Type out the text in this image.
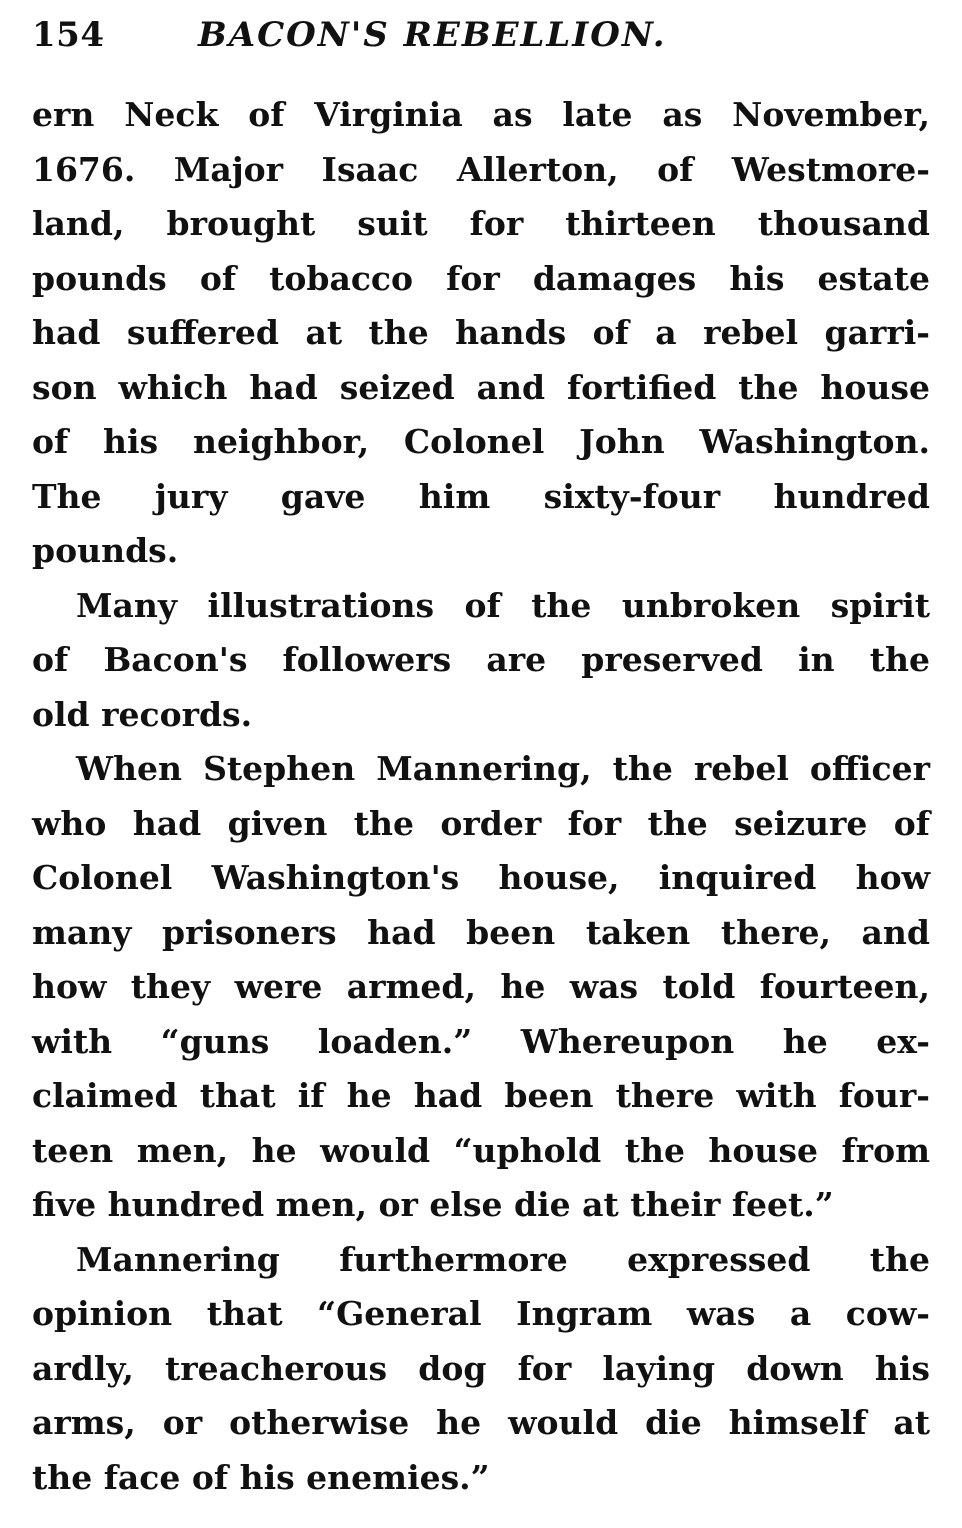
154	BACON'S REBELLION.
ern Neck of Virginia as late as November,
1676. Major Isaac Allerton, of Westmore-
land, brought suit for thirteen thousand
pounds of tobacco for damages his estate
had suffered at the hands of a rebel garri-
son which had seized and fortified the house
of his neighbor, Colonel John Washington.
The jury gave him sixty-four hundred
pounds.
Many illustrations of the unbroken spirit
of Bacon's followers are preserved in the
old records.
When Stephen Mannering, the rebel officer
who had given the order for the seizure of
Colonel Washington's house, inquired how
many prisoners had been taken there, and
how they were armed, he was told fourteen,
with “guns loaden.” Whereupon he ex-
claimed that if he had been there with four-
teen men, he would “uphold the house from
five hundred men, or else die at their feet.”
Mannering furthermore expressed the
opinion that “General Ingram was a cow-
ardly, treacherous dog for laying down his
arms, or otherwise he would die himself at
the face of his enemies.”
